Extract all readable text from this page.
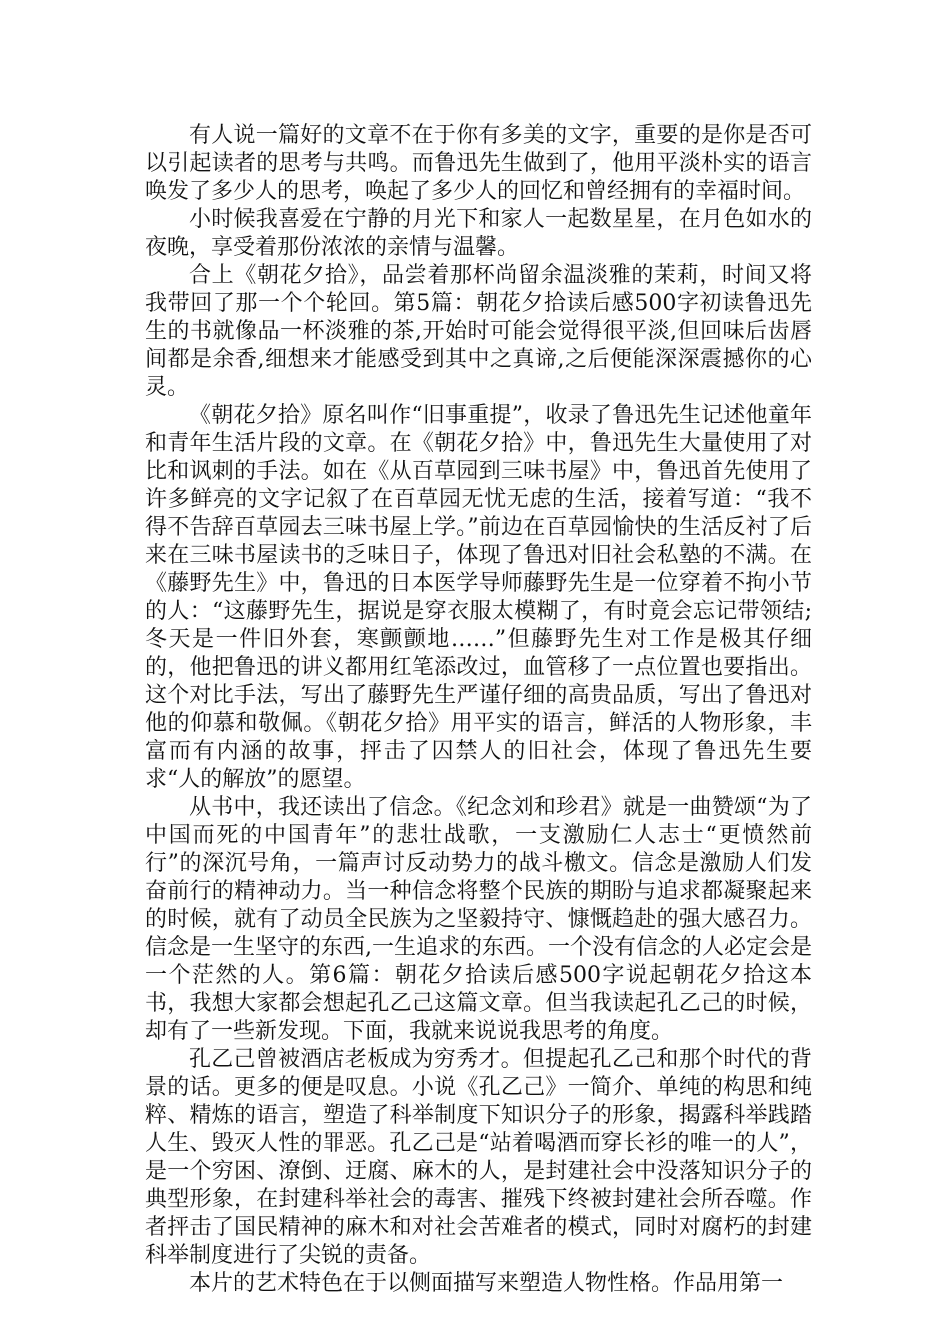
有人说一篇好的文章不在于你有多美的文字，重要的是你是否可以引起读者的思考与共鸣。而鲁迅先生做到了，他用平淡朴实的语言唤发了多少人的思考，唤起了多少人的回忆和曾经拥有的幸福时间。

小时候我喜爱在宁静的月光下和家人一起数星星，在月色如水的夜晚，享受着那份浓浓的亲情与温馨。

合上《朝花夕拾》，品尝着那杯尚留余温淡雅的茉莉，时间又将我带回了那一个个轮回。第5篇：朝花夕拾读后感500字初读鲁迅先生的书就像品一杯淡雅的茶,开始时可能会觉得很平淡,但回味后齿唇间都是余香,细想来才能感受到其中之真谛,之后便能深深震撼你的心灵。

《朝花夕拾》原名叫作“旧事重提”，收录了鲁迅先生记述他童年和青年生活片段的文章。在《朝花夕拾》中，鲁迅先生大量使用了对比和讽刺的手法。如在《从百草园到三味书屋》中，鲁迅首先使用了许多鲜亮的文字记叙了在百草园无忧无虑的生活，接着写道：“我不得不告辞百草园去三味书屋上学。”前边在百草园愉快的生活反衬了后来在三味书屋读书的乏味日子，体现了鲁迅对旧社会私塾的不满。在《藤野先生》中，鲁迅的日本医学导师藤野先生是一位穿着不拘小节的人：“这藤野先生，据说是穿衣服太模糊了，有时竟会忘记带领结;冬天是一件旧外套，寒颤颤地……”但藤野先生对工作是极其仔细的，他把鲁迅的讲义都用红笔添改过，血管移了一点位置也要指出。这个对比手法，写出了藤野先生严谨仔细的高贵品质，写出了鲁迅对他的仰慕和敬佩。《朝花夕拾》用平实的语言，鲜活的人物形象，丰富而有内涵的故事，抨击了囚禁人的旧社会，体现了鲁迅先生要求“人的解放”的愿望。

从书中，我还读出了信念。《纪念刘和珍君》就是一曲赞颂“为了中国而死的中国青年”的悲壮战歌，一支激励仁人志士“更愤然前行”的深沉号角，一篇声讨反动势力的战斗檄文。信念是激励人们发奋前行的精神动力。当一种信念将整个民族的期盼与追求都凝聚起来的时候，就有了动员全民族为之坚毅持守、慷慨趋赴的强大感召力。信念是一生坚守的东西,一生追求的东西。一个没有信念的人必定会是一个茫然的人。第6篇：朝花夕拾读后感500字说起朝花夕拾这本书，我想大家都会想起孔乙己这篇文章。但当我读起孔乙己的时候，却有了一些新发现。下面，我就来说说我思考的角度。

孔乙己曾被酒店老板成为穷秀才。但提起孔乙己和那个时代的背景的话。更多的便是叹息。小说《孔乙己》一简介、单纯的构思和纯粹、精炼的语言，塑造了科举制度下知识分子的形象，揭露科举践踏人生、毁灭人性的罪恶。孔乙己是“站着喝酒而穿长衫的唯一的人”，是一个穷困、潦倒、迂腐、麻木的人，是封建社会中没落知识分子的典型形象，在封建科举社会的毒害、摧残下终被封建社会所吞噬。作者抨击了国民精神的麻木和对社会苦难者的模式，同时对腐朽的封建科举制度进行了尖锐的责备。

本片的艺术特色在于以侧面描写来塑造人物性格。作品用第一
